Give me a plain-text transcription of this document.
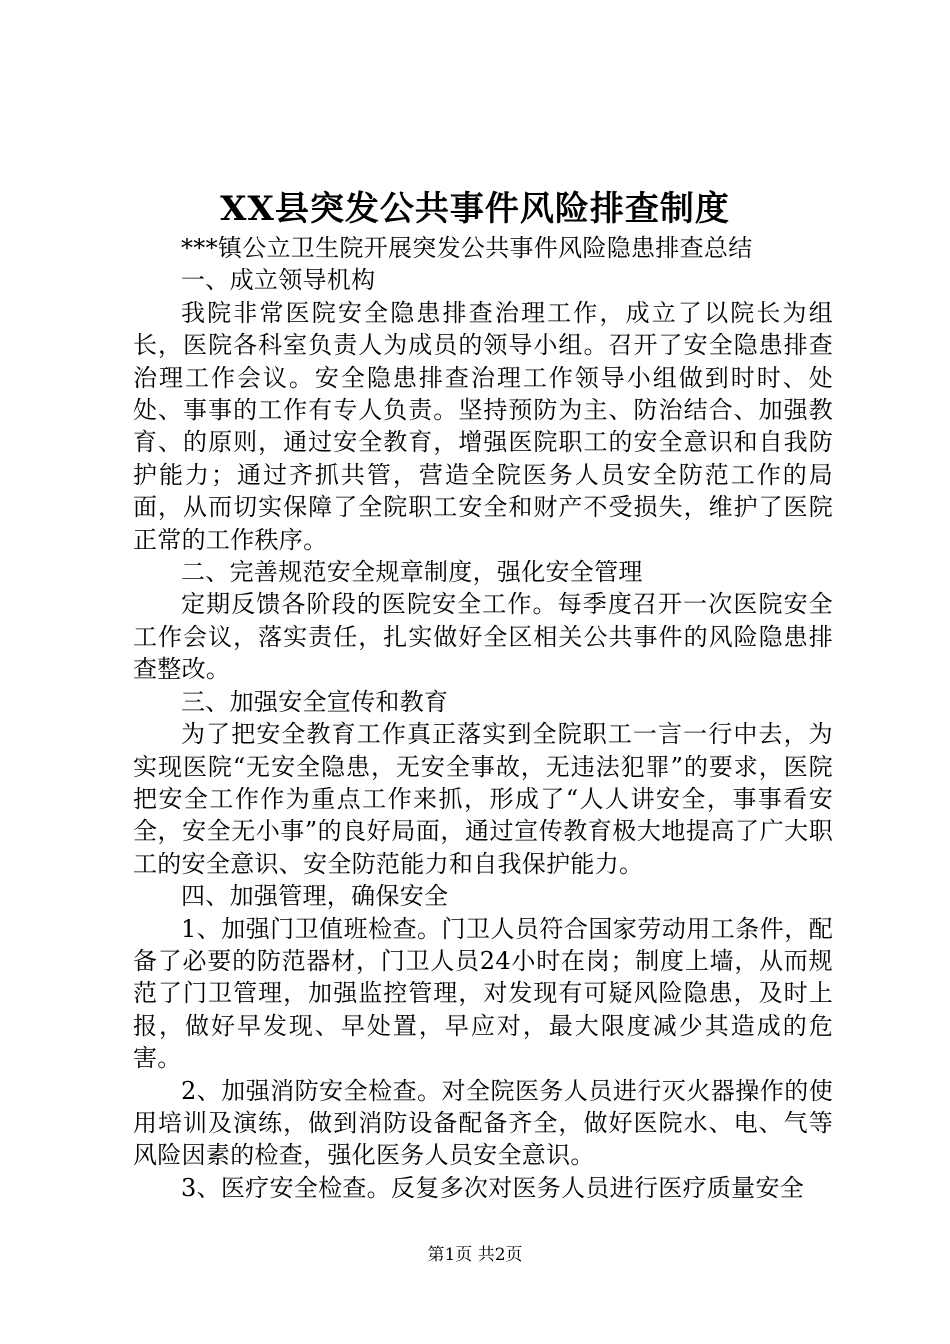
XX县突发公共事件风险排查制度

***镇公立卫生院开展突发公共事件风险隐患排查总结

一、成立领导机构

我院非常医院安全隐患排查治理工作，成立了以院长为组长，医院各科室负责人为成员的领导小组。召开了安全隐患排查治理工作会议。安全隐患排查治理工作领导小组做到时时、处处、事事的工作有专人负责。坚持预防为主、防治结合、加强教育、的原则，通过安全教育，增强医院职工的安全意识和自我防护能力；通过齐抓共管，营造全院医务人员安全防范工作的局面，从而切实保障了全院职工安全和财产不受损失，维护了医院正常的工作秩序。

二、完善规范安全规章制度，强化安全管理

定期反馈各阶段的医院安全工作。每季度召开一次医院安全工作会议，落实责任，扎实做好全区相关公共事件的风险隐患排查整改。

三、加强安全宣传和教育

为了把安全教育工作真正落实到全院职工一言一行中去，为实现医院“无安全隐患，无安全事故，无违法犯罪”的要求，医院把安全工作作为重点工作来抓，形成了“人人讲安全，事事看安全，安全无小事”的良好局面，通过宣传教育极大地提高了广大职工的安全意识、安全防范能力和自我保护能力。

四、加强管理，确保安全

1、加强门卫值班检查。门卫人员符合国家劳动用工条件，配备了必要的防范器材，门卫人员24小时在岗；制度上墙，从而规范了门卫管理，加强监控管理，对发现有可疑风险隐患，及时上报，做好早发现、早处置，早应对，最大限度减少其造成的危害。

2、加强消防安全检查。对全院医务人员进行灭火器操作的使用培训及演练，做到消防设备配备齐全，做好医院水、电、气等风险因素的检查，强化医务人员安全意识。

3、医疗安全检查。反复多次对医务人员进行医疗质量安全

第1页 共2页
